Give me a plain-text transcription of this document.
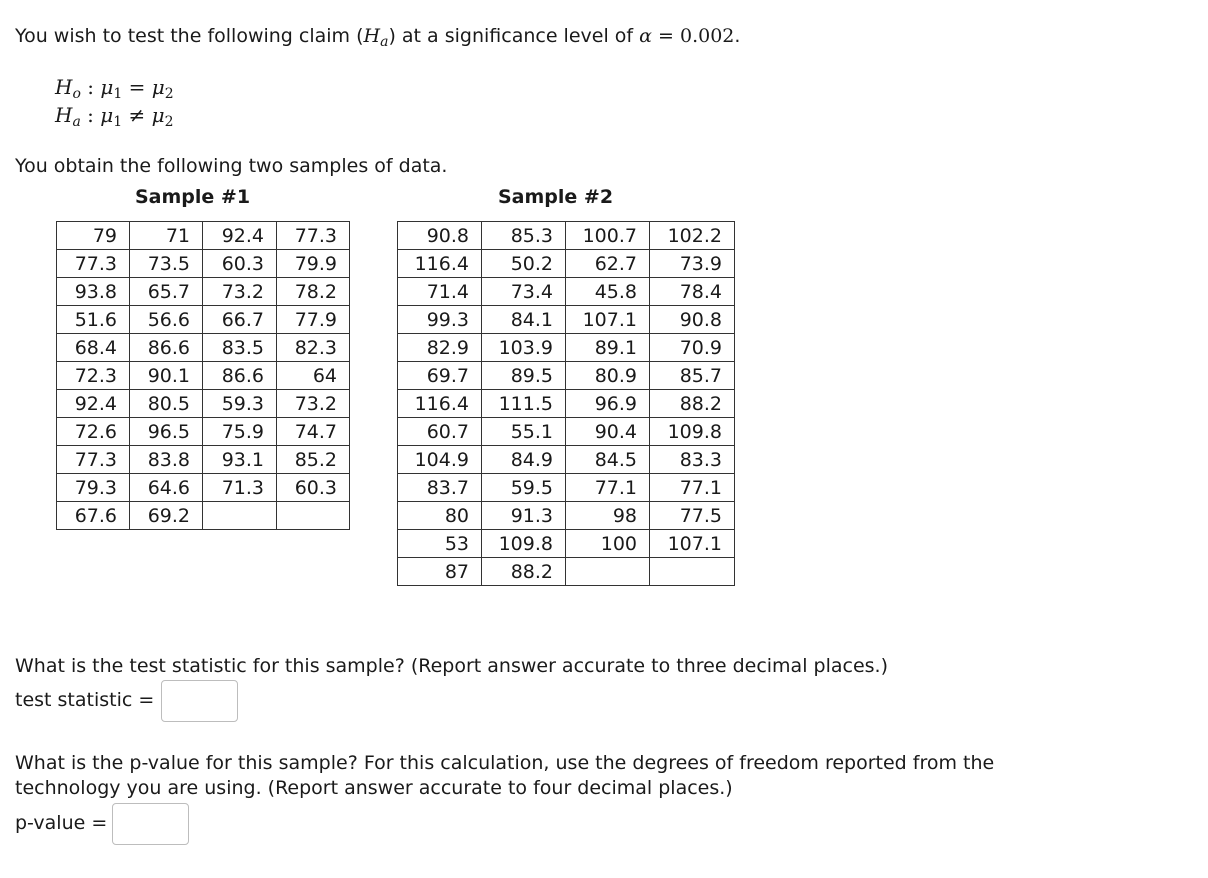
You wish to test the following claim $(H_a)$ at a significance level of α = 0.002.
$H_o$ : $\mu_1 = \mu_2$
$H_a$ : $\mu_1 \ne \mu_2$
You obtain the following two samples of data.
Sample #1	Sample #2
79	71	92.4	77.3
77.3	73.5	60.3	79.9
93.8	65.7	73.2	78.2
51.6	56.6	66.7	77.9
68.4	86.6	83.5	82.3
72.3	90.1	86.6	64
92.4	80.5	59.3	73.2
72.6	96.5	75.9	74.7
77.3	83.8	93.1	85.2
79.3	64.6	71.3	60.3
67.6	69.2		
90.8	85.3	100.7	102.2
116.4	50.2	62.7	73.9
71.4	73.4	45.8	78.4
99.3	84.1	107.1	90.8
82.9	103.9	89.1	70.9
69.7	89.5	80.9	85.7
116.4	111.5	96.9	88.2
60.7	55.1	90.4	109.8
104.9	84.9	84.5	83.3
83.7	59.5	77.1	77.1
80	91.3	98	77.5
53	109.8	100	107.1
87	88.2		
What is the test statistic for this sample? (Report answer accurate to three decimal places.)
test statistic =
What is the p-value for this sample? For this calculation, use the degrees of freedom reported from the technology you are using. (Report answer accurate to four decimal places.)
p-value =
